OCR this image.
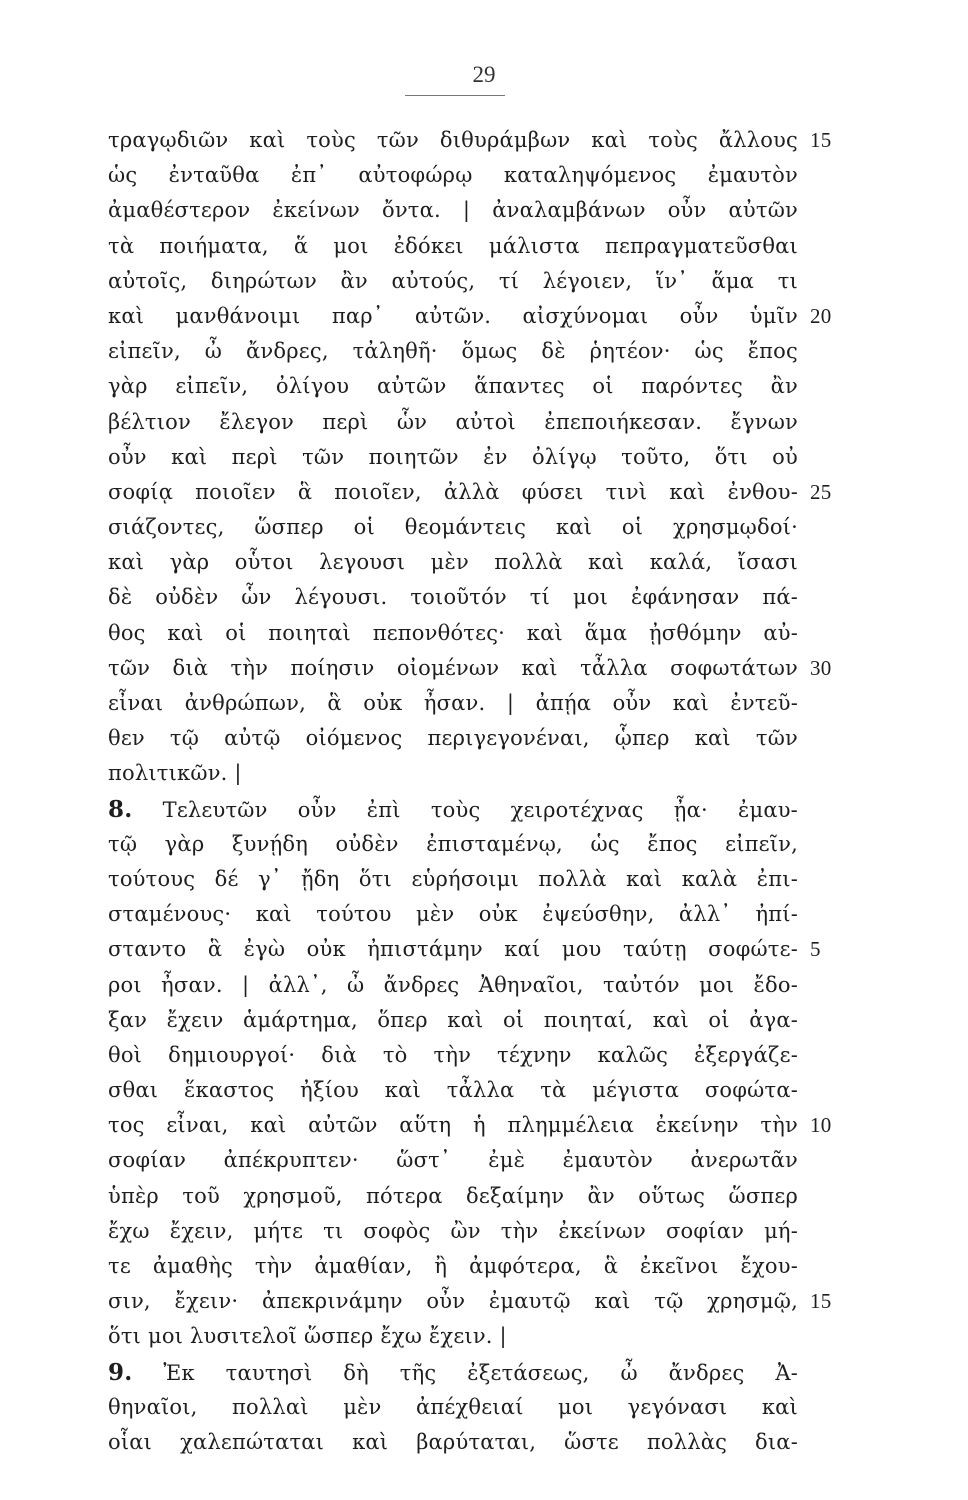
29
τραγῳδιῶν καὶ τοὺς τῶν διθυράμβων καὶ τοὺς ἄλλους 15
ὡς ἐνταῦθα ἐπ᾽ αὐτοφώρῳ καταληψόμενος ἐμαυτὸν
ἀμαθέστερον ἐκείνων ὄντα. | ἀναλαμβάνων οὖν αὐτῶν
τὰ ποιήματα, ἅ μοι ἐδόκει μάλιστα πεπραγματεῦσθαι
αὐτοῖς, διηρώτων ἂν αὐτούς, τί λέγοιεν, ἵν᾽ ἅμα τι
καὶ μανθάνοιμι παρ᾽ αὐτῶν. αἰσχύνομαι οὖν ὑμῖν 20
εἰπεῖν, ὦ ἄνδρες, τἀληθῆ· ὅμως δὲ ῥητέον· ὡς ἔπος
γὰρ εἰπεῖν, ὀλίγου αὐτῶν ἅπαντες οἱ παρόντες ἂν
βέλτιον ἔλεγον περὶ ὧν αὐτοὶ ἐπεποιήκεσαν. ἔγνων
οὖν καὶ περὶ τῶν ποιητῶν ἐν ὀλίγῳ τοῦτο, ὅτι οὐ
σοφίᾳ ποιοῖεν ἃ ποιοῖεν, ἀλλὰ φύσει τινὶ καὶ ἐνθου- 25
σιάζοντες, ὥσπερ οἱ θεομάντεις καὶ οἱ χρησμῳδοί·
καὶ γὰρ οὗτοι λεγουσι μὲν πολλὰ καὶ καλά, ἴσασι
δὲ οὐδὲν ὧν λέγουσι. τοιοῦτόν τί μοι ἐφάνησαν πά-
θος καὶ οἱ ποιηταὶ πεπονθότες· καὶ ἅμα ᾐσθόμην αὐ-
τῶν διὰ τὴν ποίησιν οἰομένων καὶ τἆλλα σοφωτάτων 30
εἶναι ἀνθρώπων, ἃ οὐκ ἦσαν. | ἀπῄα οὖν καὶ ἐντεῦ-
θεν τῷ αὐτῷ οἰόμενος περιγεγονέναι, ᾧπερ καὶ τῶν
πολιτικῶν. |
8. Τελευτῶν οὖν ἐπὶ τοὺς χειροτέχνας ᾖα· ἐμαυ-
τῷ γὰρ ξυνῄδη οὐδὲν ἐπισταμένῳ, ὡς ἔπος εἰπεῖν,
τούτους δέ γ᾽ ᾔδη ὅτι εὑρήσοιμι πολλὰ καὶ καλὰ ἐπι-
σταμένους· καὶ τούτου μὲν οὐκ ἐψεύσθην, ἀλλ᾽ ἠπί-
σταντο ἃ ἐγὼ οὐκ ἠπιστάμην καί μου ταύτῃ σοφώτε- 5
ροι ἦσαν. | ἀλλ᾽, ὦ ἄνδρες Ἀθηναῖοι, ταὐτόν μοι ἔδο-
ξαν ἔχειν ἁμάρτημα, ὅπερ καὶ οἱ ποιηταί, καὶ οἱ ἀγα-
θοὶ δημιουργοί· διὰ τὸ τὴν τέχνην καλῶς ἐξεργάζε-
σθαι ἕκαστος ἠξίου καὶ τἆλλα τὰ μέγιστα σοφώτα-
τος εἶναι, καὶ αὐτῶν αὕτη ἡ πλημμέλεια ἐκείνην τὴν 10
σοφίαν ἀπέκρυπτεν· ὥστ᾽ ἐμὲ ἐμαυτὸν ἀνερωτᾶν
ὑπὲρ τοῦ χρησμοῦ, πότερα δεξαίμην ἂν οὕτως ὥσπερ
ἔχω ἔχειν, μήτε τι σοφὸς ὢν τὴν ἐκείνων σοφίαν μή-
τε ἀμαθὴς τὴν ἀμαθίαν, ἢ ἀμφότερα, ἃ ἐκεῖνοι ἔχου-
σιν, ἔχειν· ἀπεκρινάμην οὖν ἐμαυτῷ καὶ τῷ χρησμῷ, 15
ὅτι μοι λυσιτελοῖ ὥσπερ ἔχω ἔχειν. |
9. Ἐκ ταυτησὶ δὴ τῆς ἐξετάσεως, ὦ ἄνδρες Ἀ-
θηναῖοι, πολλαὶ μὲν ἀπέχθειαί μοι γεγόνασι καὶ
οἷαι χαλεπώταται καὶ βαρύταται, ὥστε πολλὰς δια-
